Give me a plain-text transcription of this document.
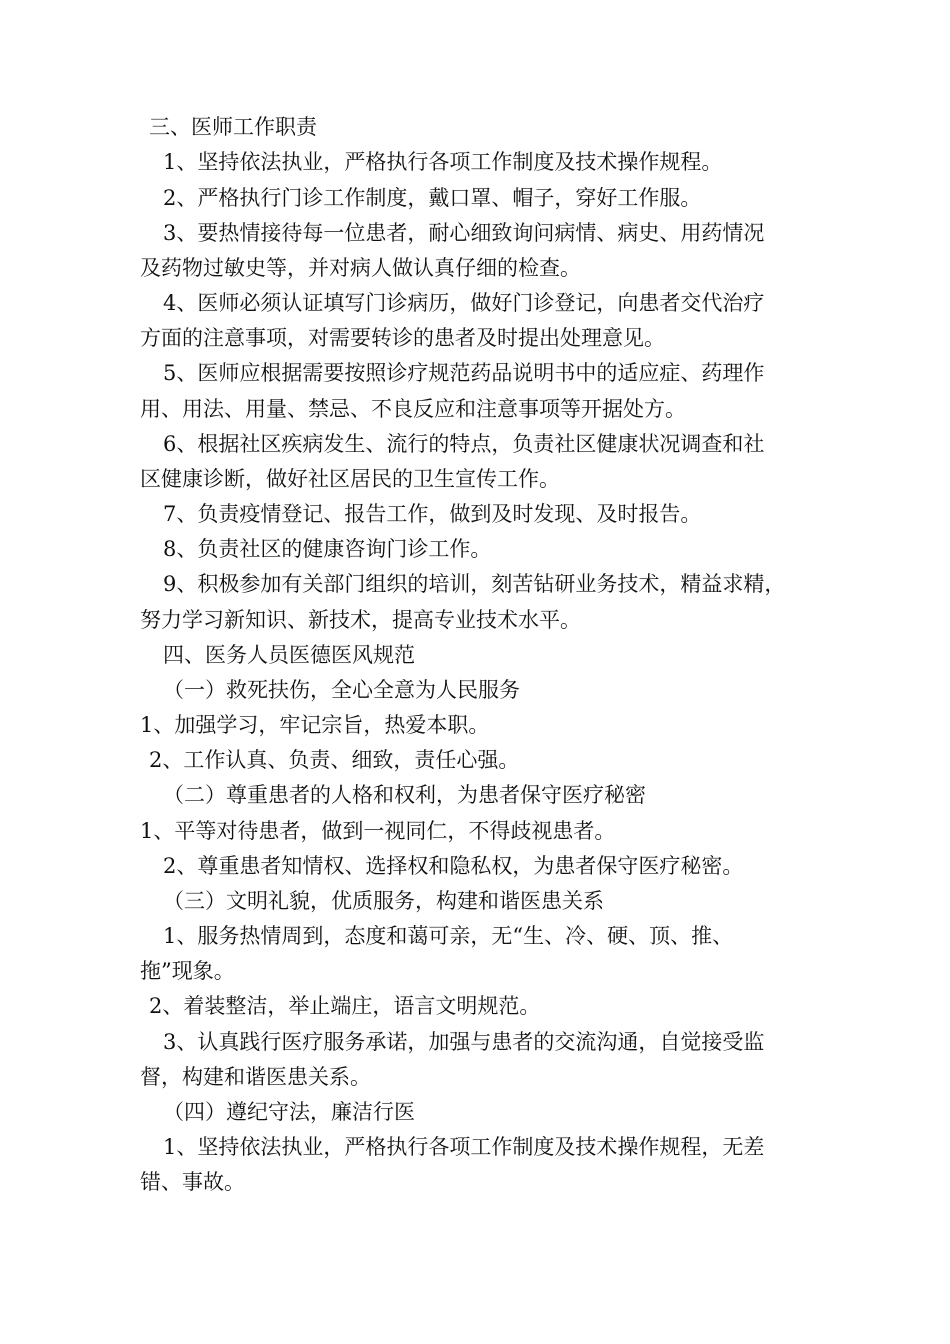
三、医师工作职责
1、坚持依法执业，严格执行各项工作制度及技术操作规程。
2、严格执行门诊工作制度，戴口罩、帽子，穿好工作服。
3、要热情接待每一位患者，耐心细致询问病情、病史、用药情况
及药物过敏史等，并对病人做认真仔细的检查。
4、医师必须认证填写门诊病历，做好门诊登记，向患者交代治疗
方面的注意事项，对需要转诊的患者及时提出处理意见。
5、医师应根据需要按照诊疗规范药品说明书中的适应症、药理作
用、用法、用量、禁忌、不良反应和注意事项等开据处方。
6、根据社区疾病发生、流行的特点，负责社区健康状况调查和社
区健康诊断，做好社区居民的卫生宣传工作。
7、负责疫情登记、报告工作，做到及时发现、及时报告。
8、负责社区的健康咨询门诊工作。
9、积极参加有关部门组织的培训，刻苦钻研业务技术，精益求精，
努力学习新知识、新技术，提高专业技术水平。
四、医务人员医德医风规范
（一）救死扶伤，全心全意为人民服务
1、加强学习，牢记宗旨，热爱本职。
2、工作认真、负责、细致，责任心强。
（二）尊重患者的人格和权利，为患者保守医疗秘密
1、平等对待患者，做到一视同仁，不得歧视患者。
2、尊重患者知情权、选择权和隐私权，为患者保守医疗秘密。
（三）文明礼貌，优质服务，构建和谐医患关系
1、服务热情周到，态度和蔼可亲，无“生、冷、硬、顶、推、
拖”现象。
2、着装整洁，举止端庄，语言文明规范。
3、认真践行医疗服务承诺，加强与患者的交流沟通，自觉接受监
督，构建和谐医患关系。
（四）遵纪守法，廉洁行医
1、坚持依法执业，严格执行各项工作制度及技术操作规程，无差
错、事故。
